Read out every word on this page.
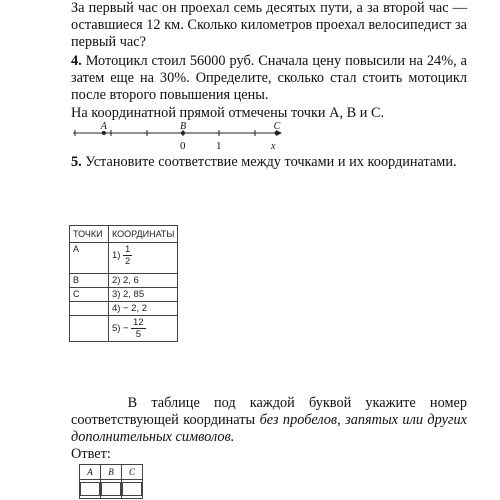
За первый час он проехал семь десятых пути, а за второй час — оставшиеся 12 км. Сколько километров проехал велосипедист за первый час?

4. Мотоцикл стоил 56000 руб. Сначала цену повысили на 24%, а затем еще на 30%. Определите, сколько стал стоить мотоцикл после второго повышения цены.

На координатной прямой отмечены точки А, В и С.

x
0	1
A	B	C

5. Установите соответствие между точками и их координатами.

ТОЧКИ	КООРДИНАТЫ
А	$1) \frac{1}{2}$

В	2) 2, 6
С	3) 2, 85
	4) − 2, 2
	$5) - \frac{12}{5}$

В таблице под каждой буквой укажите номер соответствующей координаты без пробелов, запятых или других дополнительных символов.

Ответ:

А	В	С
